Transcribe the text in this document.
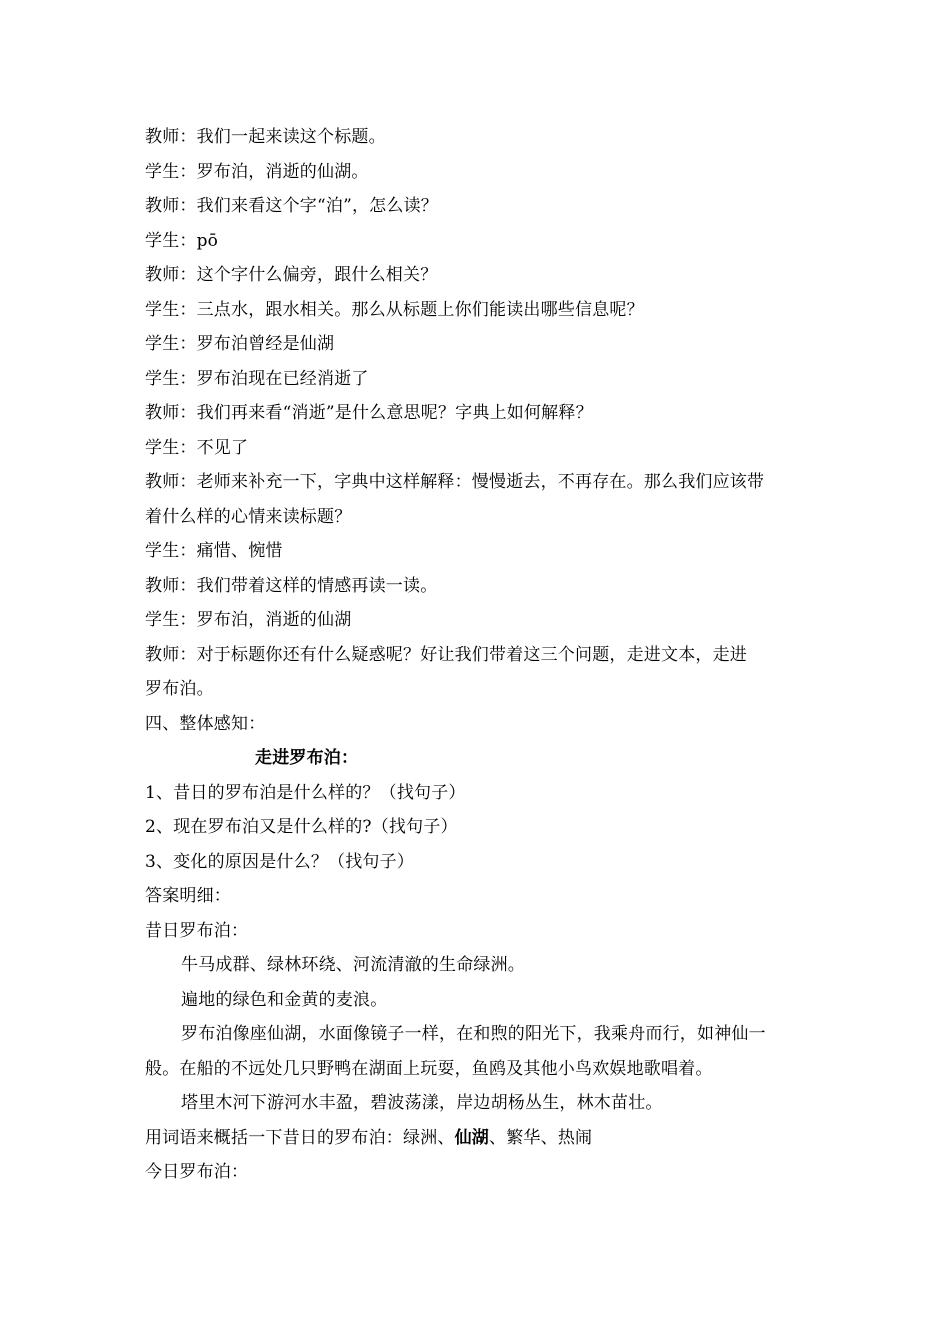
教师：我们一起来读这个标题。
学生：罗布泊，消逝的仙湖。
教师：我们来看这个字“泊”，怎么读？
学生：pō
教师：这个字什么偏旁，跟什么相关？
学生：三点水，跟水相关。那么从标题上你们能读出哪些信息呢？
学生：罗布泊曾经是仙湖
学生：罗布泊现在已经消逝了
教师：我们再来看“消逝”是什么意思呢？字典上如何解释？
学生：不见了
教师：老师来补充一下，字典中这样解释：慢慢逝去，不再存在。那么我们应该带
着什么样的心情来读标题？
学生：痛惜、惋惜
教师：我们带着这样的情感再读一读。
学生：罗布泊，消逝的仙湖
教师：对于标题你还有什么疑惑呢？好让我们带着这三个问题，走进文本，走进
罗布泊。
四、整体感知：
走进罗布泊：
1、昔日的罗布泊是什么样的？（找句子）
2、现在罗布泊又是什么样的?（找句子）
3、变化的原因是什么？（找句子）
答案明细：
昔日罗布泊：
牛马成群、绿林环绕、河流清澈的生命绿洲。
遍地的绿色和金黄的麦浪。
罗布泊像座仙湖，水面像镜子一样，在和煦的阳光下，我乘舟而行，如神仙一
般。在船的不远处几只野鸭在湖面上玩耍，鱼鸥及其他小鸟欢娱地歌唱着。
塔里木河下游河水丰盈，碧波荡漾，岸边胡杨丛生，林木苗壮。
用词语来概括一下昔日的罗布泊：绿洲、仙湖、繁华、热闹
今日罗布泊：
